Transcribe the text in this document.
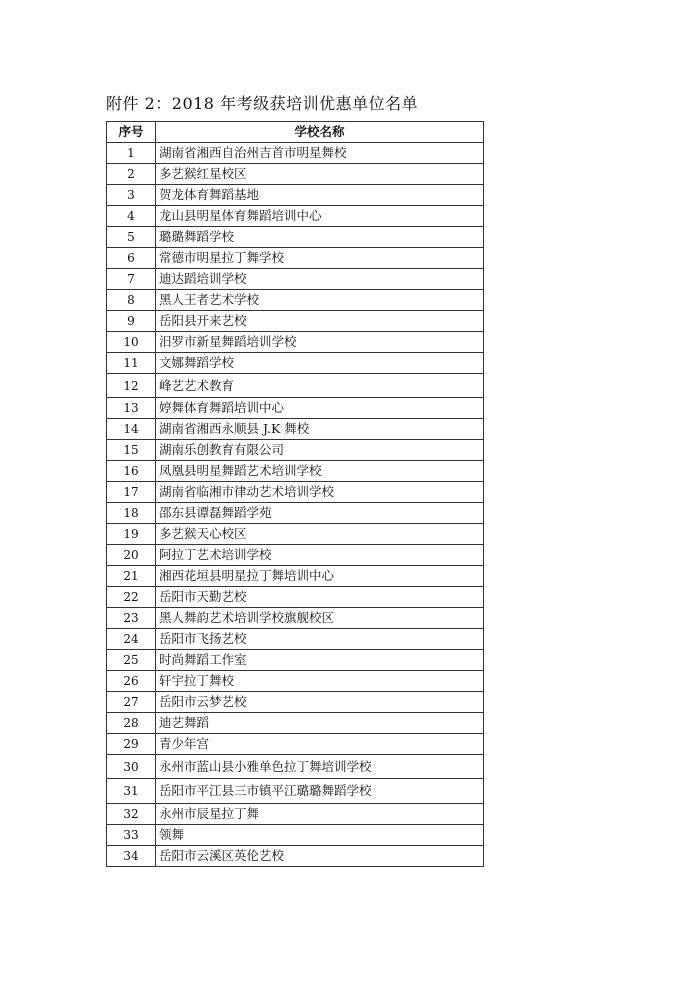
附件 2：2018 年考级获培训优惠单位名单
序号	学校名称
1	湖南省湘西自治州吉首市明星舞校
2	多艺猴红星校区
3	贺龙体育舞蹈基地
4	龙山县明星体育舞蹈培训中心
5	璐璐舞蹈学校
6	常德市明星拉丁舞学校
7	迪达蹈培训学校
8	黑人王者艺术学校
9	岳阳县开来艺校
10	汨罗市新星舞蹈培训学校
11	文娜舞蹈学校
12	峰艺艺术教育
13	婷舞体育舞蹈培训中心
14	湖南省湘西永顺县 J.K 舞校
15	湖南乐创教育有限公司
16	凤凰县明星舞蹈艺术培训学校
17	湖南省临湘市律动艺术培训学校
18	邵东县谭磊舞蹈学苑
19	多艺猴天心校区
20	阿拉丁艺术培训学校
21	湘西花垣县明星拉丁舞培训中心
22	岳阳市天勤艺校
23	黑人舞韵艺术培训学校旗舰校区
24	岳阳市飞扬艺校
25	时尚舞蹈工作室
26	轩宇拉丁舞校
27	岳阳市云梦艺校
28	迪艺舞蹈
29	青少年宫
30	永州市蓝山县小雅单色拉丁舞培训学校
31	岳阳市平江县三市镇平江璐璐舞蹈学校
32	永州市辰星拉丁舞
33	领舞
34	岳阳市云溪区英伦艺校
